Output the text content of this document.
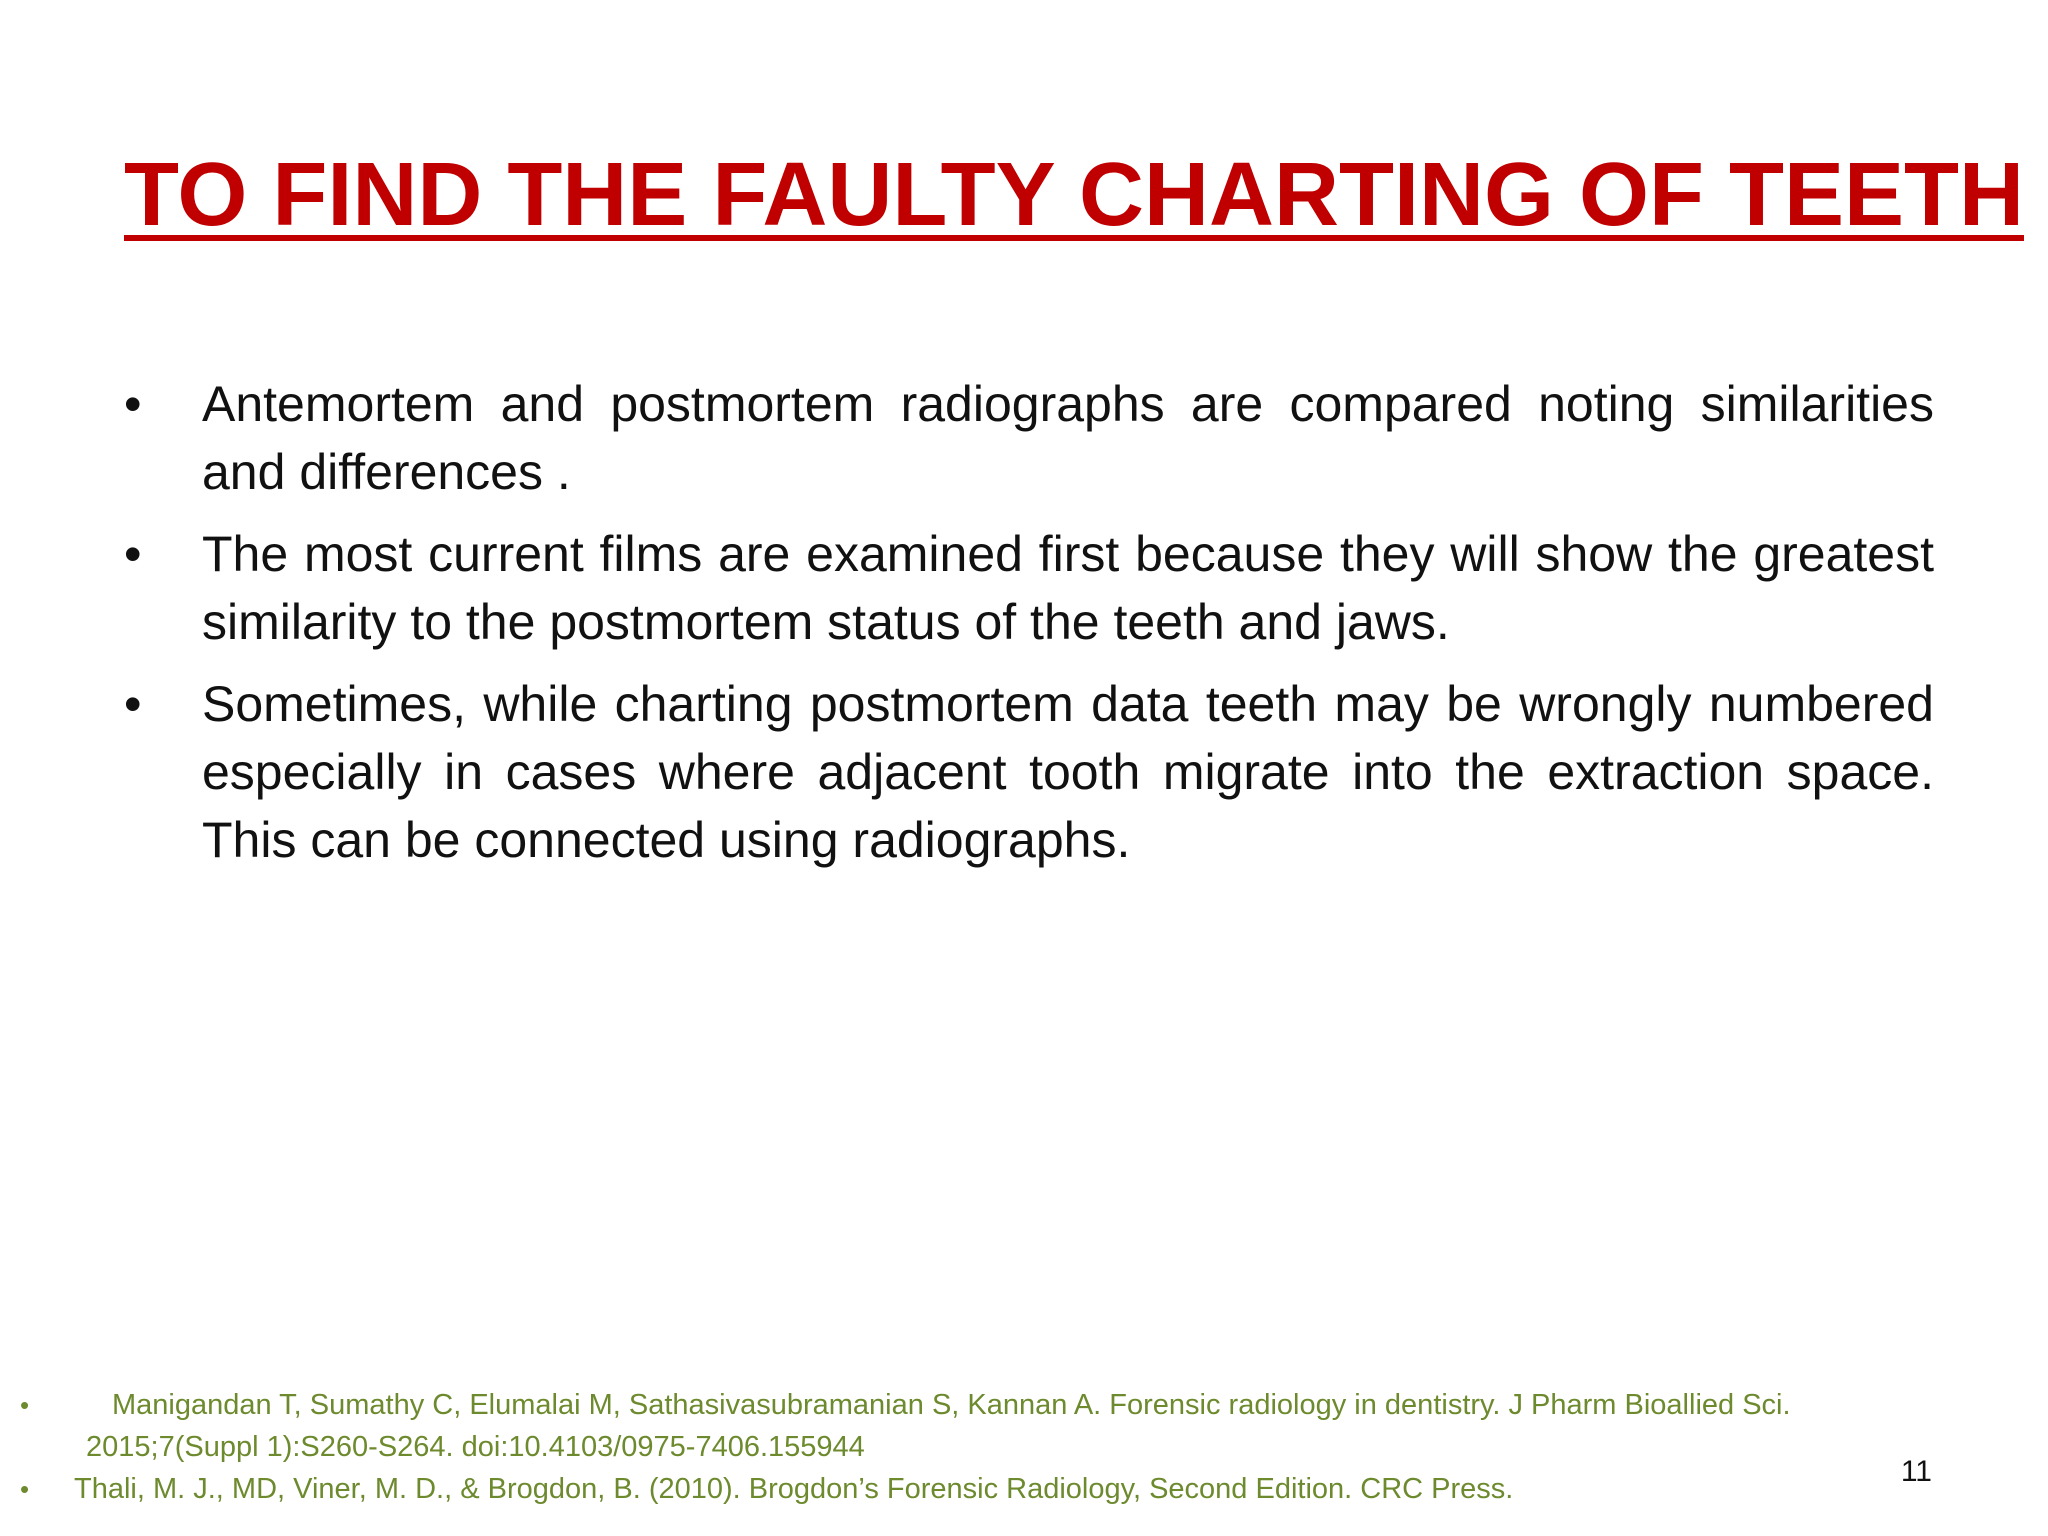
TO FIND THE FAULTY CHARTING OF TEETH
•	Antemortem and postmortem radiographs are compared noting similarities and differences .
•	The most current films are examined first because they will show the greatest similarity to the postmortem status of the teeth and jaws.
•	Sometimes, while charting postmortem data teeth may be wrongly numbered especially in cases where adjacent tooth migrate into the extraction space. This can be connected using radiographs.
•	Manigandan T, Sumathy C, Elumalai M, Sathasivasubramanian S, Kannan A. Forensic radiology in dentistry. J Pharm Bioallied Sci.
2015;7(Suppl 1):S260-S264. doi:10.4103/0975-7406.155944
• Thali, M. J., MD, Viner, M. D., & Brogdon, B. (2010). Brogdon’s Forensic Radiology, Second Edition. CRC Press.
11
